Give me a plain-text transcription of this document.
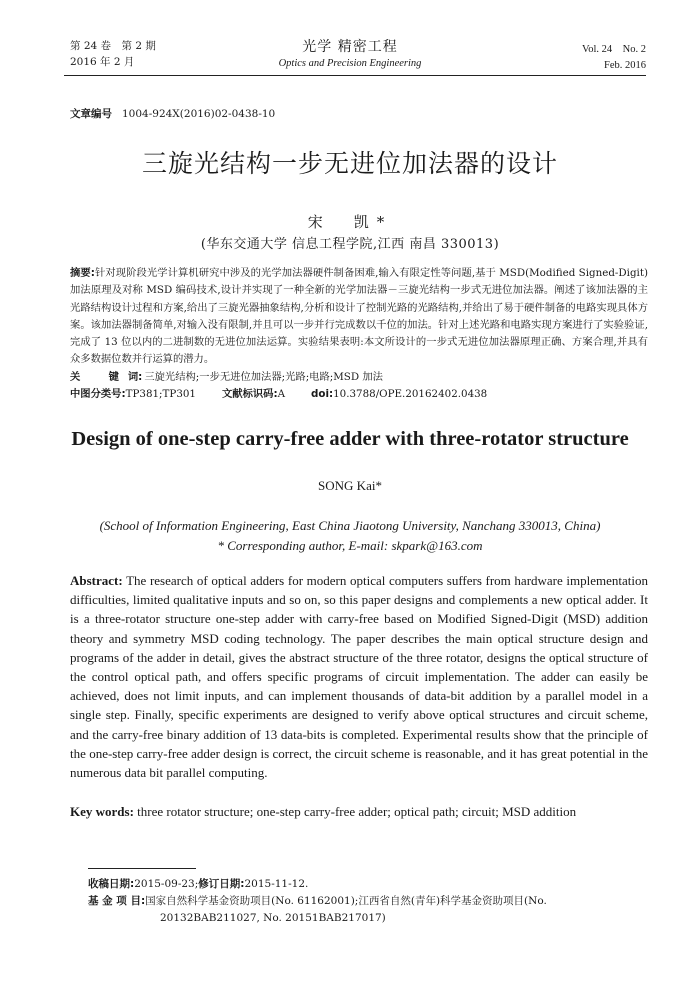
第 24 卷　第 2 期
2016 年 2 月
光学 精密工程
Optics and Precision Engineering
Vol. 24　No. 2
Feb. 2016
文章编号 1004-924X(2016)02-0438-10
三旋光结构一步无进位加法器的设计
宋　凯*
(华东交通大学 信息工程学院,江西 南昌 330013)
摘要:针对现阶段光学计算机研究中涉及的光学加法器硬件制备困难,输入有限定性等问题,基于 MSD(Modified Signed-Digit)加法原理及对称 MSD 编码技术,设计并实现了一种全新的光学加法器－三旋光结构一步式无进位加法器。阐述了该加法器的主光路结构设计过程和方案,给出了三旋光器抽象结构,分析和设计了控制光路的光路结构,并给出了易于硬件制备的电路实现具体方案。该加法器制备简单,对输入没有限制,并且可以一步并行完成数以千位的加法。针对上述光路和电路实现方案进行了实验验证,完成了 13 位以内的二进制数的无进位加法运算。实验结果表明:本文所设计的一步式无进位加法器原理正确、方案合理,并具有众多数据位数并行运算的潜力。
关　键词: 三旋光结构;一步无进位加法器;光路;电路;MSD 加法
中图分类号:TP381;TP301	文献标识码:A	doi:10.3788/OPE.20162402.0438
Design of one-step carry-free adder with three-rotator structure
SONG Kai*
(School of Information Engineering, East China Jiaotong University, Nanchang 330013, China)
* Corresponding author, E-mail: skpark@163.com
Abstract: The research of optical adders for modern optical computers suffers from hardware implementation difficulties, limited qualitative inputs and so on, so this paper designs and complements a new optical adder. It is a three-rotator structure one-step adder with carry-free based on Modified Signed-Digit (MSD) addition theory and symmetry MSD coding technology. The paper describes the main optical structure design and programs of the adder in detail, gives the abstract structure of the three rotator, designs the optical structure of the control optical path, and offers specific programs of circuit implementation. The adder can easily be achieved, does not limit inputs, and can implement thousands of data-bit addition by a parallel model in a single step. Finally, specific experiments are designed to verify above optical structures and circuit scheme, and the carry-free binary addition of 13 data-bits is completed. Experimental results show that the principle of the one-step carry-free adder design is correct, the circuit scheme is reasonable, and it has great potential in the numerous data bit parallel computing.
Key words: three rotator structure; one-step carry-free adder; optical path; circuit; MSD addition
收稿日期:2015-09-23;修订日期:2015-11-12.
基 金 项 目:国家自然科学基金资助项目(No. 61162001);江西省自然(青年)科学基金资助项目(No.
20132BAB211027, No. 20151BAB217017)
